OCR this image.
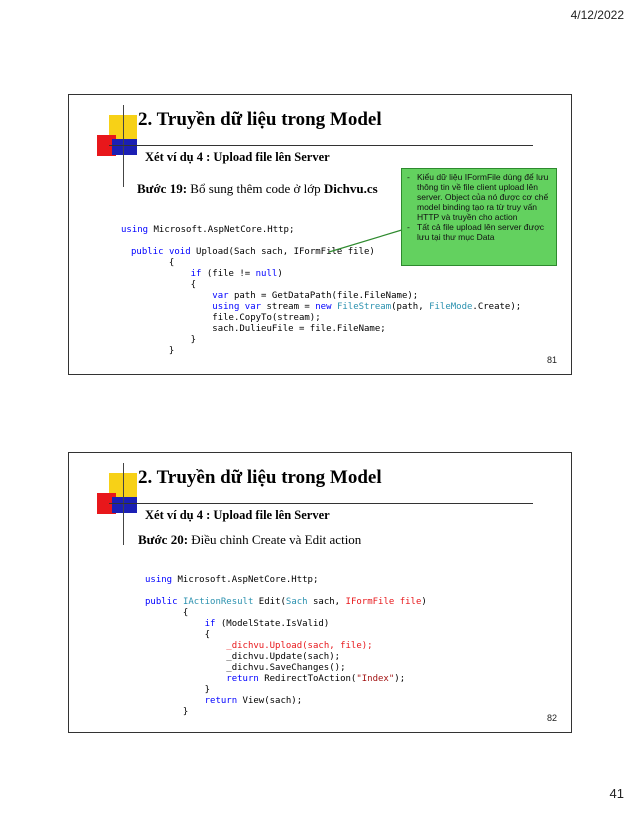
4/12/2022
2. Truyền dữ liệu trong Model
Xét ví dụ 4 : Upload file lên Server
Bước 19: Bổ sung thêm code ở lớp Dichvu.cs
using Microsoft.AspNetCore.Http;
public void Upload(Sach sach, IFormFile file)
{
if (file != null)
{
var path = GetDataPath(file.FileName);
using var stream = new FileStream(path, FileMode.Create);
file.CopyTo(stream);
sach.DulieuFile = file.FileName;
}
}
- Kiểu dữ liệu IFormFile dùng để lưu thông tin về file client upload lên server. Object của nó được cơ chế model binding tạo ra từ truy vấn HTTP và truyền cho action
- Tất cả file upload lên server được lưu tại thư mục Data
81
2. Truyền dữ liệu trong Model
Xét ví dụ 4 : Upload file lên Server
Bước 20: Điều chỉnh Create và Edit action
using Microsoft.AspNetCore.Http;
public IActionResult Edit(Sach sach, IFormFile file)
{
if (ModelState.IsValid)
{
_dichvu.Upload(sach, file);
_dichvu.Update(sach);
_dichvu.SaveChanges();
return RedirectToAction("Index");
}
return View(sach);
}
82
41
